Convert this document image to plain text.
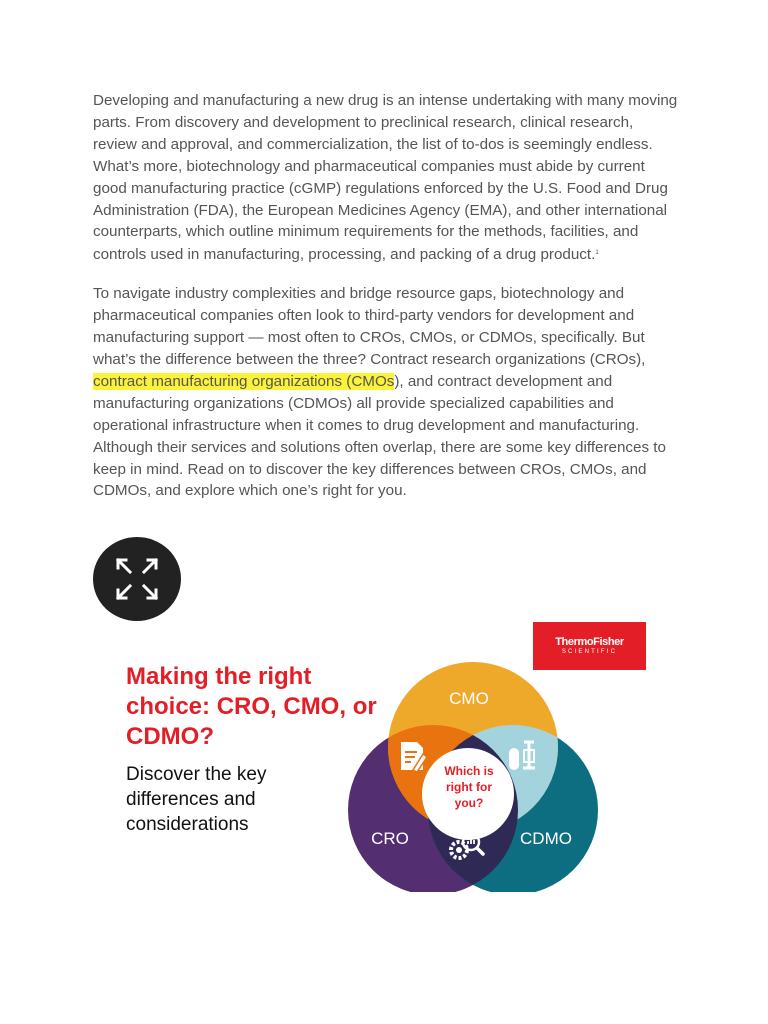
Developing and manufacturing a new drug is an intense undertaking with many moving parts. From discovery and development to preclinical research, clinical research, review and approval, and commercialization, the list of to-dos is seemingly endless. What’s more, biotechnology and pharmaceutical companies must abide by current good manufacturing practice (cGMP) regulations enforced by the U.S. Food and Drug Administration (FDA), the European Medicines Agency (EMA), and other international counterparts, which outline minimum requirements for the methods, facilities, and controls used in manufacturing, processing, and packing of a drug product.$^1$

To navigate industry complexities and bridge resource gaps, biotechnology and pharmaceutical companies often look to third-party vendors for development and manufacturing support — most often to CROs, CMOs, or CDMOs, specifically. But what’s the difference between the three? Contract research organizations (CROs), contract manufacturing organizations (CMOs), and contract development and manufacturing organizations (CDMOs) all provide specialized capabilities and operational infrastructure when it comes to drug development and manufacturing. Although their services and solutions often overlap, there are some key differences to keep in mind. Read on to discover the key differences between CROs, CMOs, and CDMOs, and explore which one’s right for you.

ThermoFisher
SCIENTIFIC
Making the right choice: CRO, CMO, or CDMO?

Discover the key differences and considerations

CMO
CRO	CDMO
Which is
right for
you?
